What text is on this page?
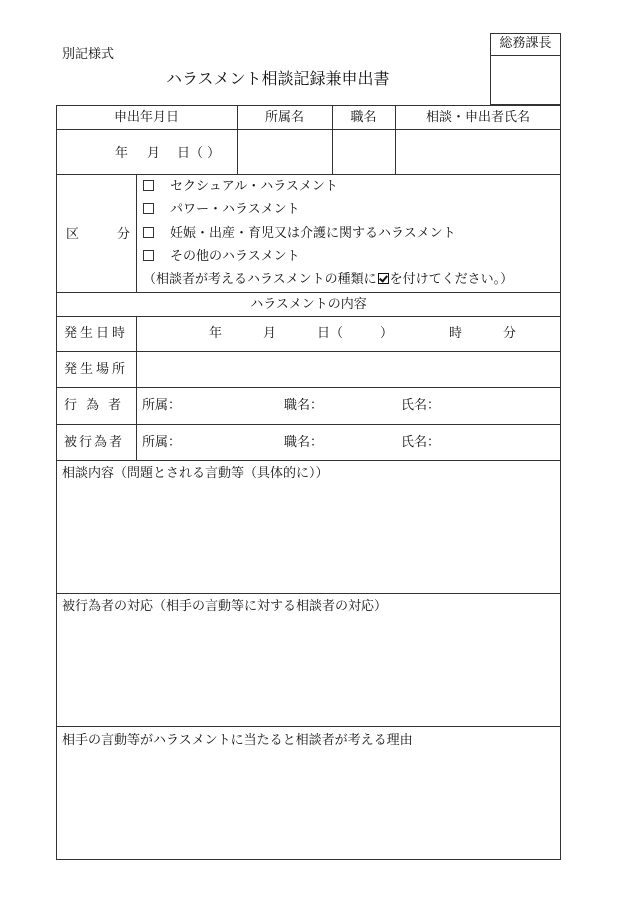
別記様式
ハラスメント相談記録兼申出書
総務課長
申出年月日	所属名	職名	相談・申出者氏名
年 月 日（ ）
区	分
セクシュアル・ハラスメント
パワー・ハラスメント
妊娠・出産・育児又は介護に関するハラスメント
その他のハラスメント
（相談者が考えるハラスメントの種類に を付けてください。）
ハラスメントの内容
発生日時	年	月	日（	）	時	分
発生場所
行為者 所属：	職名：	氏名：
被行為者 所属：	職名：	氏名：
相談内容（問題とされる言動等（具体的に））
被行為者の対応（相手の言動等に対する相談者の対応）
相手の言動等がハラスメントに当たると相談者が考える理由
